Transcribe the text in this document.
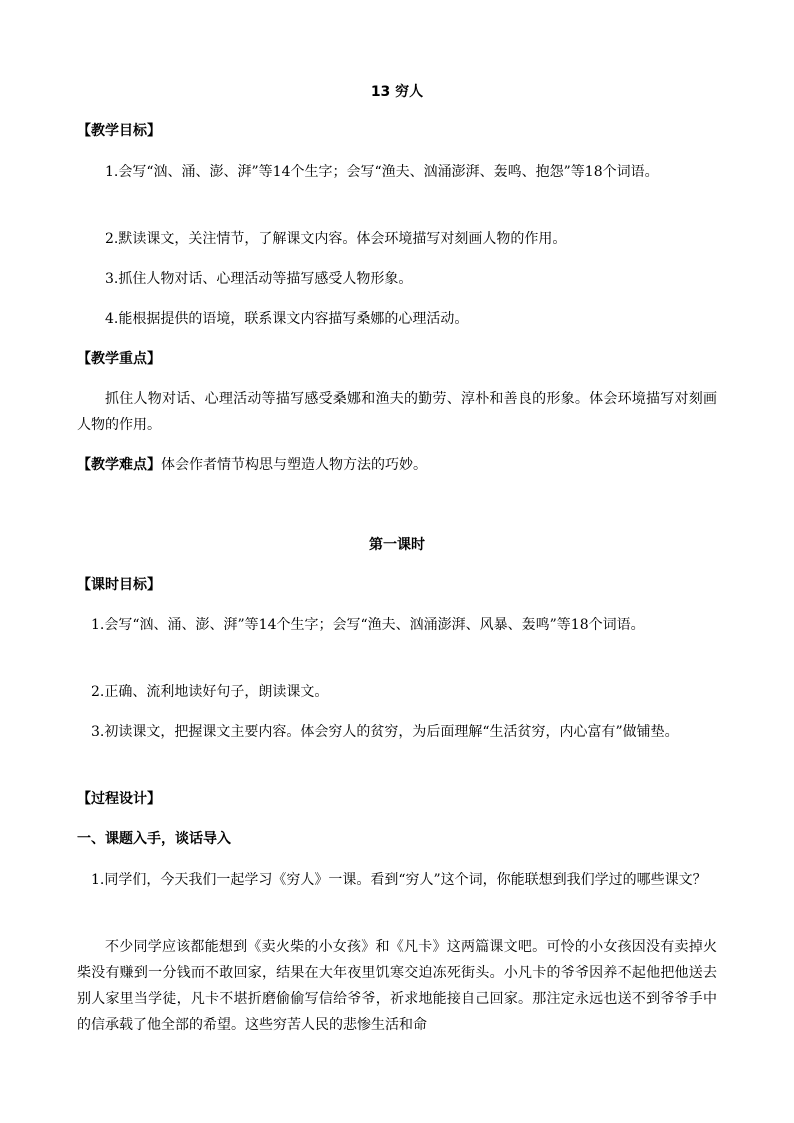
13 穷人
【教学目标】
1.会写“汹、涌、澎、湃”等14个生字；会写“渔夫、汹涌澎湃、轰鸣、抱怨”等18个词语。
2.默读课文，关注情节，了解课文内容。体会环境描写对刻画人物的作用。
3.抓住人物对话、心理活动等描写感受人物形象。
4.能根据提供的语境，联系课文内容描写桑娜的心理活动。
【教学重点】
抓住人物对话、心理活动等描写感受桑娜和渔夫的勤劳、淳朴和善良的形象。体会环境描写对刻画人物的作用。
【教学难点】体会作者情节构思与塑造人物方法的巧妙。
第一课时
【课时目标】
1.会写“汹、涌、澎、湃”等14个生字；会写“渔夫、汹涌澎湃、风暴、轰鸣”等18个词语。
2.正确、流利地读好句子，朗读课文。
3.初读课文，把握课文主要内容。体会穷人的贫穷，为后面理解“生活贫穷，内心富有”做铺垫。
【过程设计】
一、课题入手，谈话导入
1.同学们，今天我们一起学习《穷人》一课。看到“穷人”这个词，你能联想到我们学过的哪些课文？
不少同学应该都能想到《卖火柴的小女孩》和《凡卡》这两篇课文吧。可怜的小女孩因没有卖掉火柴没有赚到一分钱而不敢回家，结果在大年夜里饥寒交迫冻死街头。小凡卡的爷爷因养不起他把他送去别人家里当学徒，凡卡不堪折磨偷偷写信给爷爷，祈求地能接自己回家。那注定永远也送不到爷爷手中的信承载了他全部的希望。这些穷苦人民的悲惨生活和命
